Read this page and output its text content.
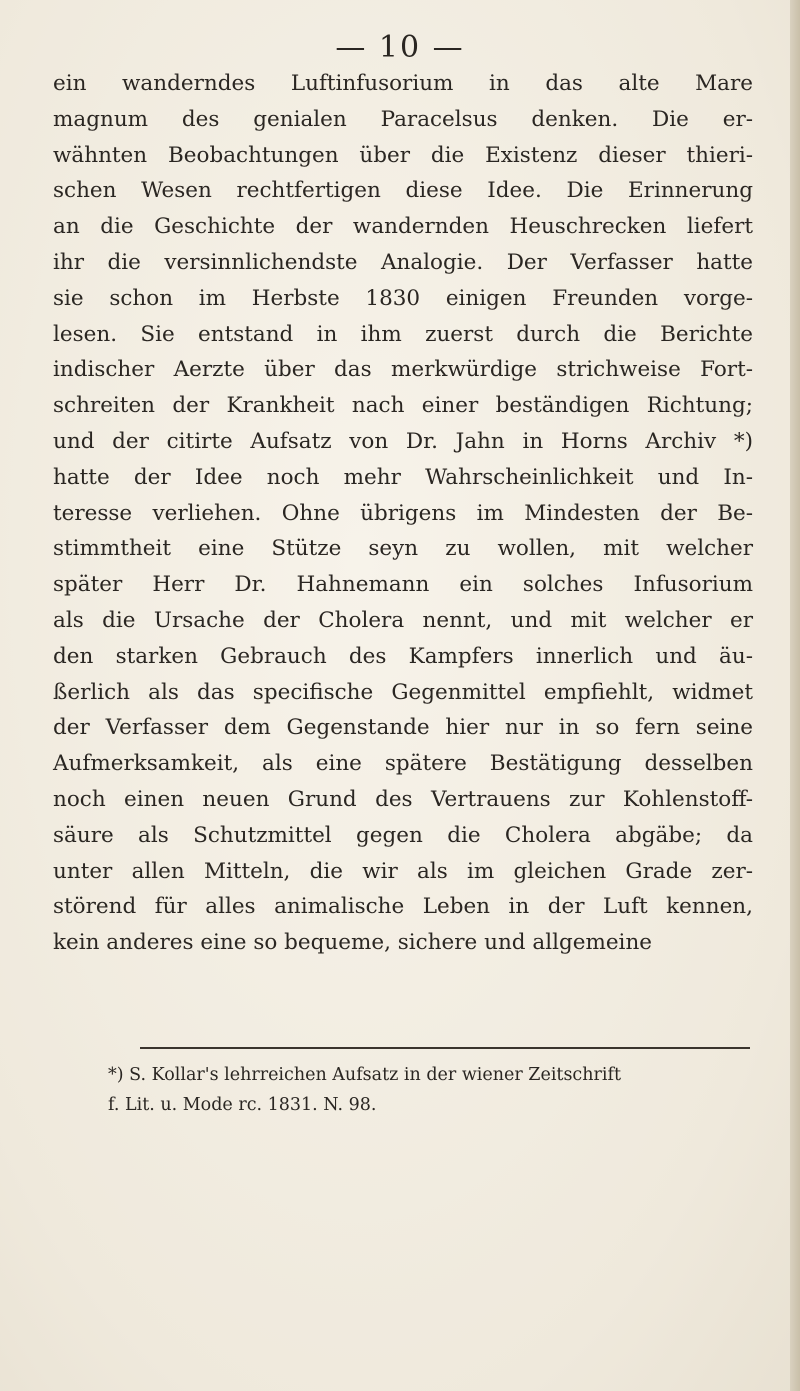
— 10 —
ein wanderndes Luftinfusorium in das alte Mare
magnum des genialen Paracelsus denken. Die er-
wähnten Beobachtungen über die Existenz dieser thieri-
schen Wesen rechtfertigen diese Idee. Die Erinnerung
an die Geschichte der wandernden Heuschrecken liefert
ihr die versinnlichendste Analogie. Der Verfasser hatte
sie schon im Herbste 1830 einigen Freunden vorge-
lesen. Sie entstand in ihm zuerst durch die Berichte
indischer Aerzte über das merkwürdige strichweise Fort-
schreiten der Krankheit nach einer beständigen Richtung;
und der citirte Aufsatz von Dr. Jahn in Horns Archiv *)
hatte der Idee noch mehr Wahrscheinlichkeit und In-
teresse verliehen. Ohne übrigens im Mindesten der Be-
stimmtheit eine Stütze seyn zu wollen, mit welcher
später Herr Dr. Hahnemann ein solches Infusorium
als die Ursache der Cholera nennt, und mit welcher er
den starken Gebrauch des Kampfers innerlich und äu-
ßerlich als das specifische Gegenmittel empfiehlt, widmet
der Verfasser dem Gegenstande hier nur in so fern seine
Aufmerksamkeit, als eine spätere Bestätigung desselben
noch einen neuen Grund des Vertrauens zur Kohlenstoff-
säure als Schutzmittel gegen die Cholera abgäbe; da
unter allen Mitteln, die wir als im gleichen Grade zer-
störend für alles animalische Leben in der Luft kennen,
kein anderes eine so bequeme, sichere und allgemeine
*) S. Kollar's lehrreichen Aufsatz in der wiener Zeitschrift
f. Lit. u. Mode rc. 1831. N. 98.
